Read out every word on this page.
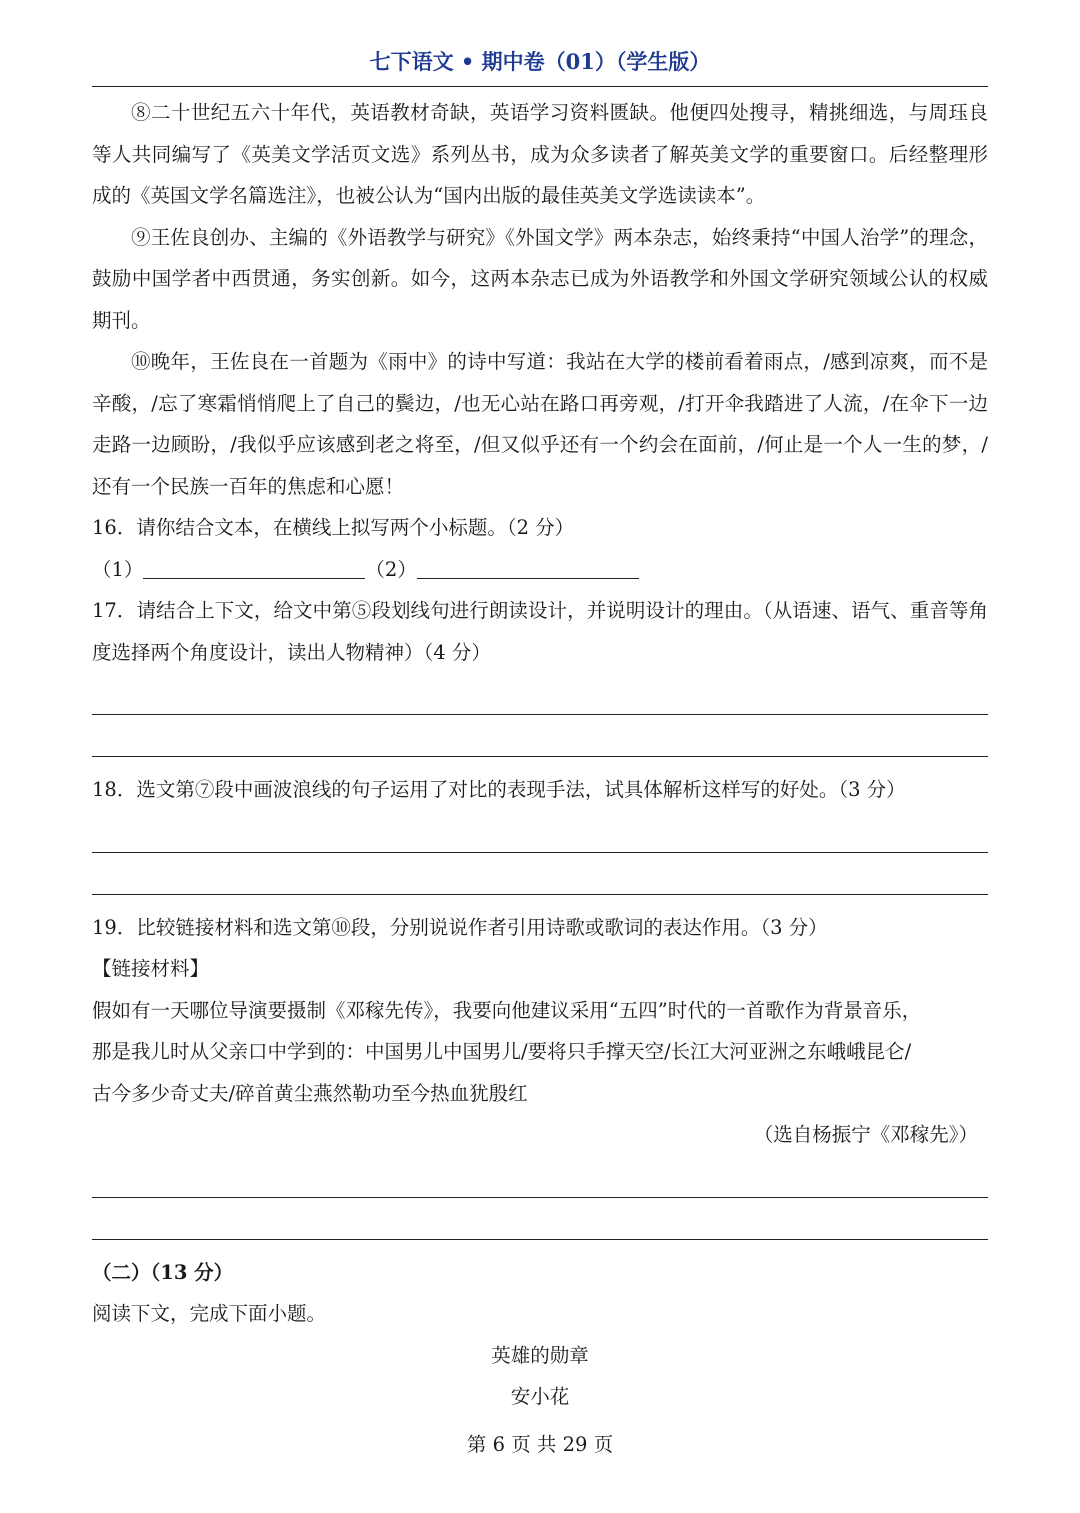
七下语文 • 期中卷（01）（学生版）

⑧二十世纪五六十年代，英语教材奇缺，英语学习资料匮缺。他便四处搜寻，精挑细选，与周珏良等人共同编写了《英美文学活页文选》系列丛书，成为众多读者了解英美文学的重要窗口。后经整理形成的《英国文学名篇选注》，也被公认为“国内出版的最佳英美文学选读读本”。

⑨王佐良创办、主编的《外语教学与研究》《外国文学》两本杂志，始终秉持“中国人治学”的理念，鼓励中国学者中西贯通，务实创新。如今，这两本杂志已成为外语教学和外国文学研究领域公认的权威期刊。

⑩晚年，王佐良在一首题为《雨中》的诗中写道：我站在大学的楼前看着雨点，/感到凉爽，而不是辛酸，/忘了寒霜悄悄爬上了自己的鬓边，/也无心站在路口再旁观，/打开伞我踏进了人流，/在伞下一边走路一边顾盼，/我似乎应该感到老之将至，/但又似乎还有一个约会在面前，/何止是一个人一生的梦，/还有一个民族一百年的焦虑和心愿！

16．请你结合文本，在横线上拟写两个小标题。（2 分）

（1）	（2）

17．请结合上下文，给文中第⑤段划线句进行朗读设计，并说明设计的理由。（从语速、语气、重音等角度选择两个角度设计，读出人物精神）（4 分）

18．选文第⑦段中画波浪线的句子运用了对比的表现手法，试具体解析这样写的好处。（3 分）

19．比较链接材料和选文第⑩段，分别说说作者引用诗歌或歌词的表达作用。（3 分）

【链接材料】

假如有一天哪位导演要摄制《邓稼先传》，我要向他建议采用“五四”时代的一首歌作为背景音乐，

那是我儿时从父亲口中学到的：中国男儿中国男儿/要将只手撑天空/长江大河亚洲之东峨峨昆仑/

古今多少奇丈夫/碎首黄尘燕然勒功至今热血犹殷红

（选自杨振宁《邓稼先》）

（二）（13 分）

阅读下文，完成下面小题。

英雄的勋章

安小花

第 6 页 共 29 页
